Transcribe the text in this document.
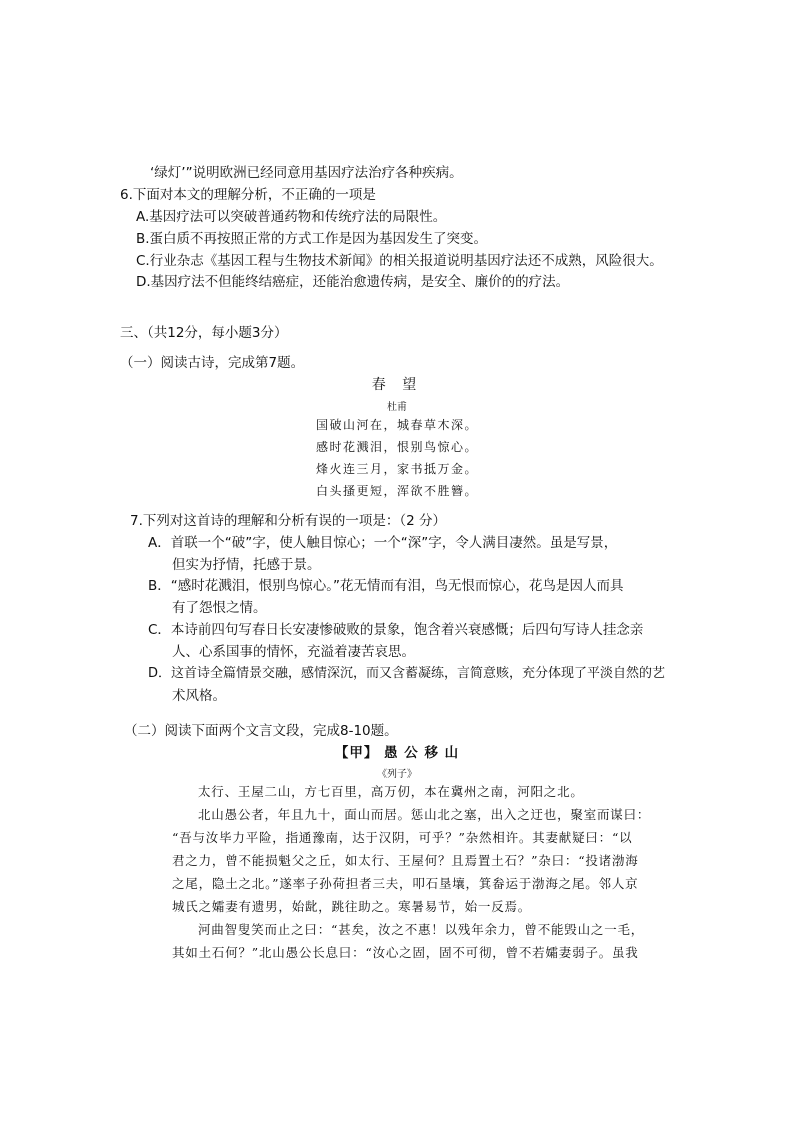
‘绿灯’”说明欧洲已经同意用基因疗法治疗各种疾病。
6.下面对本文的理解分析，不正确的一项是
A.基因疗法可以突破普通药物和传统疗法的局限性。
B.蛋白质不再按照正常的方式工作是因为基因发生了突变。
C.行业杂志《基因工程与生物技术新闻》的相关报道说明基因疗法还不成熟，风险很大。
D.基因疗法不但能终结癌症，还能治愈遗传病，是安全、廉价的的疗法。
三、（共12分，每小题3分）
（一）阅读古诗，完成第7题。
春 望
杜甫
国破山河在，城春草木深。
感时花溅泪，恨别鸟惊心。
烽火连三月，家书抵万金。
白头搔更短，浑欲不胜簪。
7.下列对这首诗的理解和分析有误的一项是：（2 分）
A．首联一个“破”字，使人触目惊心；一个“深”字，令人满目凄然。虽是写景，
但实为抒情，托感于景。
B．“感时花溅泪，恨别鸟惊心。”花无情而有泪，鸟无恨而惊心，花鸟是因人而具
有了怨恨之情。
C．本诗前四句写春日长安凄惨破败的景象，饱含着兴衰感慨；后四句写诗人挂念亲
人、心系国事的情怀，充溢着凄苦哀思。
D．这首诗全篇情景交融，感情深沉，而又含蓄凝练，言简意赅，充分体现了平淡自然的艺
术风格。
（二）阅读下面两个文言文段，完成8-10题。
【甲】 愚 公 移 山
《列子》
太行、王屋二山，方七百里，高万仞，本在冀州之南，河阳之北。
北山愚公者，年且九十，面山而居。惩山北之塞，出入之迂也，聚室而谋曰：
“吾与汝毕力平险，指通豫南，达于汉阴，可乎？”杂然相许。其妻献疑曰：“以
君之力，曾不能损魁父之丘，如太行、王屋何？且焉置土石？”杂曰：“投诸渤海
之尾，隐土之北。”遂率子孙荷担者三夫，叩石垦壤，箕畚运于渤海之尾。邻人京
城氏之孀妻有遗男，始龀，跳往助之。寒暑易节，始一反焉。
河曲智叟笑而止之曰：“甚矣，汝之不惠！以残年余力，曾不能毁山之一毛，
其如土石何？”北山愚公长息曰：“汝心之固，固不可彻，曾不若孀妻弱子。虽我
